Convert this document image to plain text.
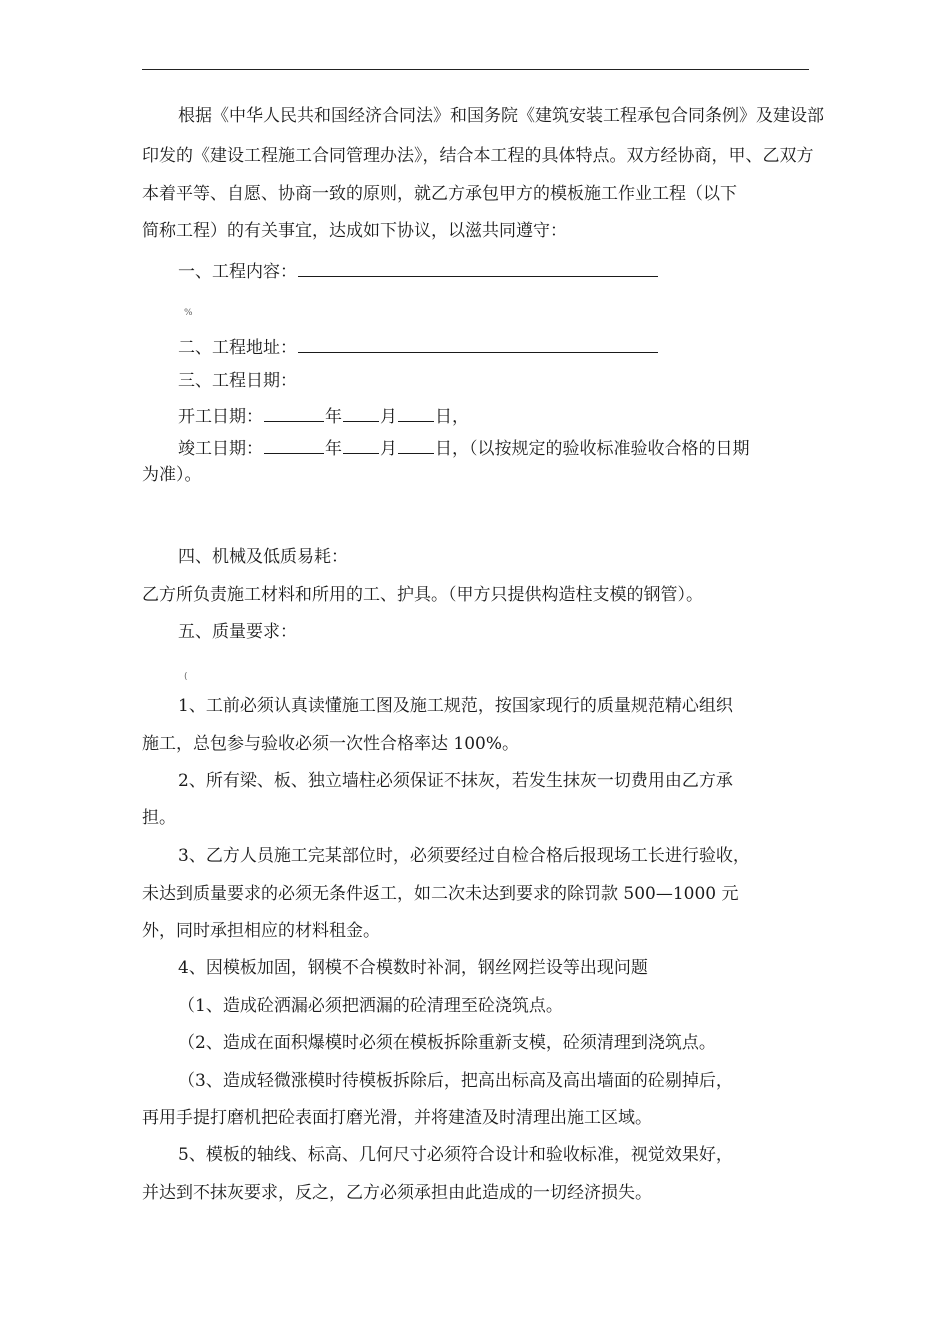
根据《中华人民共和国经济合同法》和国务院《建筑安装工程承包合同条例》及建设部
印发的《建设工程施工合同管理办法》，结合本工程的具体特点。双方经协商，甲、乙双方
本着平等、自愿、协商一致的原则，就乙方承包甲方的模板施工作业工程（以下
简称工程）的有关事宜，达成如下协议，以滋共同遵守：
一、工程内容：
%
二、工程地址：
三、工程日期：
开工日期：	年 月 日，
竣工日期：	年 月 日，（以按规定的验收标准验收合格的日期
为准）。
四、机械及低质易耗：
乙方所负责施工材料和所用的工、护具。（甲方只提供构造柱支模的钢管）。
五、质量要求：
(
1、工前必须认真读懂施工图及施工规范，按国家现行的质量规范精心组织
施工，总包参与验收必须一次性合格率达 100%。
2、所有梁、板、独立墙柱必须保证不抹灰，若发生抹灰一切费用由乙方承
担。
3、乙方人员施工完某部位时，必须要经过自检合格后报现场工长进行验收，
未达到质量要求的必须无条件返工，如二次未达到要求的除罚款 500—1000 元
外，同时承担相应的材料租金。
4、因模板加固，钢模不合模数时补洞，钢丝网拦设等出现问题
（1、造成砼洒漏必须把洒漏的砼清理至砼浇筑点。
（2、造成在面积爆模时必须在模板拆除重新支模，砼须清理到浇筑点。
（3、造成轻微涨模时待模板拆除后，把高出标高及高出墙面的砼剔掉后，
再用手提打磨机把砼表面打磨光滑，并将建渣及时清理出施工区域。
5、模板的轴线、标高、几何尺寸必须符合设计和验收标准，视觉效果好，
并达到不抹灰要求，反之，乙方必须承担由此造成的一切经济损失。
